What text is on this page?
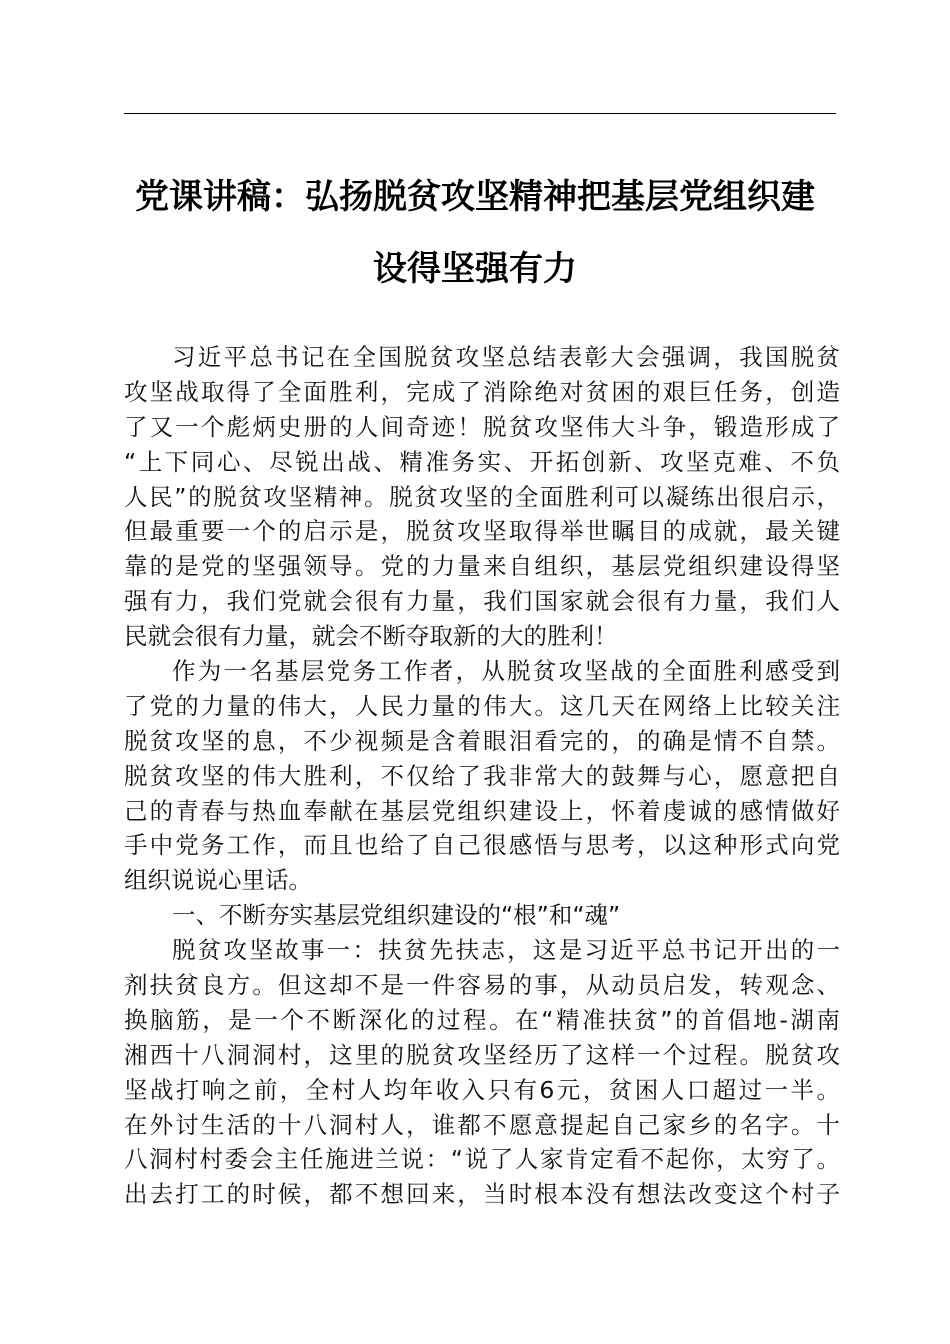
党课讲稿：弘扬脱贫攻坚精神把基层党组织建
设得坚强有力
习近平总书记在全国脱贫攻坚总结表彰大会强调，我国脱贫
攻坚战取得了全面胜利，完成了消除绝对贫困的艰巨任务，创造
了又一个彪炳史册的人间奇迹！脱贫攻坚伟大斗争，锻造形成了
“上下同心、尽锐出战、精准务实、开拓创新、攻坚克难、不负
人民”的脱贫攻坚精神。脱贫攻坚的全面胜利可以凝练出很启示，
但最重要一个的启示是，脱贫攻坚取得举世瞩目的成就，最关键
靠的是党的坚强领导。党的力量来自组织，基层党组织建设得坚
强有力，我们党就会很有力量，我们国家就会很有力量，我们人
民就会很有力量，就会不断夺取新的大的胜利！
作为一名基层党务工作者，从脱贫攻坚战的全面胜利感受到
了党的力量的伟大，人民力量的伟大。这几天在网络上比较关注
脱贫攻坚的息，不少视频是含着眼泪看完的，的确是情不自禁。
脱贫攻坚的伟大胜利，不仅给了我非常大的鼓舞与心，愿意把自
己的青春与热血奉献在基层党组织建设上，怀着虔诚的感情做好
手中党务工作，而且也给了自己很感悟与思考，以这种形式向党
组织说说心里话。
一、不断夯实基层党组织建设的“根”和“魂”
脱贫攻坚故事一：扶贫先扶志，这是习近平总书记开出的一
剂扶贫良方。但这却不是一件容易的事，从动员启发，转观念、
换脑筋，是一个不断深化的过程。在“精准扶贫”的首倡地-湖南
湘西十八洞洞村，这里的脱贫攻坚经历了这样一个过程。脱贫攻
坚战打响之前，全村人均年收入只有6元，贫困人口超过一半。
在外讨生活的十八洞村人，谁都不愿意提起自己家乡的名字。十
八洞村村委会主任施进兰说：“说了人家肯定看不起你，太穷了。
出去打工的时候，都不想回来，当时根本没有想法改变这个村子
